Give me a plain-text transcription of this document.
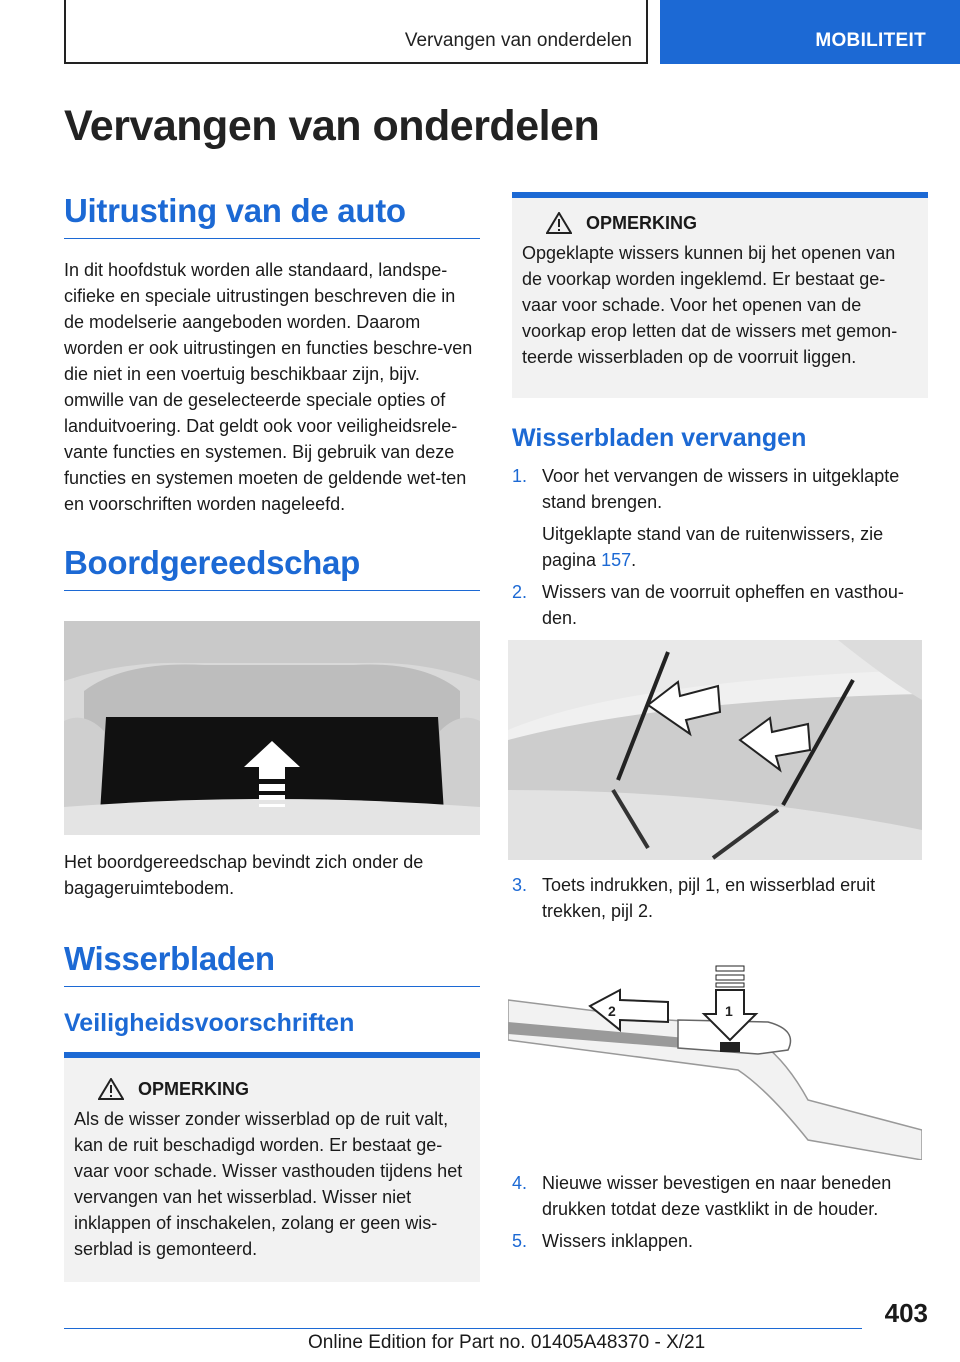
Vervangen van onderdelen	MOBILITEIT
Vervangen van onderdelen
Uitrusting van de auto

In dit hoofdstuk worden alle standaard, landspe-cifieke en speciale uitrustingen beschreven die in de modelserie aangeboden worden. Daarom worden er ook uitrustingen en functies beschre-ven die niet in een voertuig beschikbaar zijn, bijv. omwille van de geselecteerde speciale opties of landuitvoering. Dat geldt ook voor veiligheidsrele-vante functies en systemen. Bij gebruik van deze functies en systemen moeten de geldende wet-ten en voorschriften worden nageleefd.

Boordgereedschap

Het boordgereedschap bevindt zich onder de bagageruimtebodem.

Wisserbladen
Veiligheidsvoorschriften
OPMERKING

Als de wisser zonder wisserblad op de ruit valt, kan de ruit beschadigd worden. Er bestaat ge-vaar voor schade. Wisser vasthouden tijdens het vervangen van het wisserblad. Wisser niet inklappen of inschakelen, zolang er geen wis-serblad is gemonteerd.

OPMERKING

Opgeklapte wissers kunnen bij het openen van de voorkap worden ingeklemd. Er bestaat ge-vaar voor schade. Voor het openen van de voorkap erop letten dat de wissers met gemon-teerde wisserbladen op de voorruit liggen.

Wisserbladen vervangen
1. Voor het vervangen de wissers in uitgeklapte stand brengen.
Uitgeklapte stand van de ruitenwissers, zie pagina 157.
2. Wissers van de voorruit opheffen en vasthou-den.
3. Toets indrukken, pijl 1, en wisserblad eruit trekken, pijl 2.
2	1
4. Nieuwe wisser bevestigen en naar beneden drukken totdat deze vastklikt in de houder.
5. Wissers inklappen.
403
Online Edition for Part no. 01405A48370 - X/21
